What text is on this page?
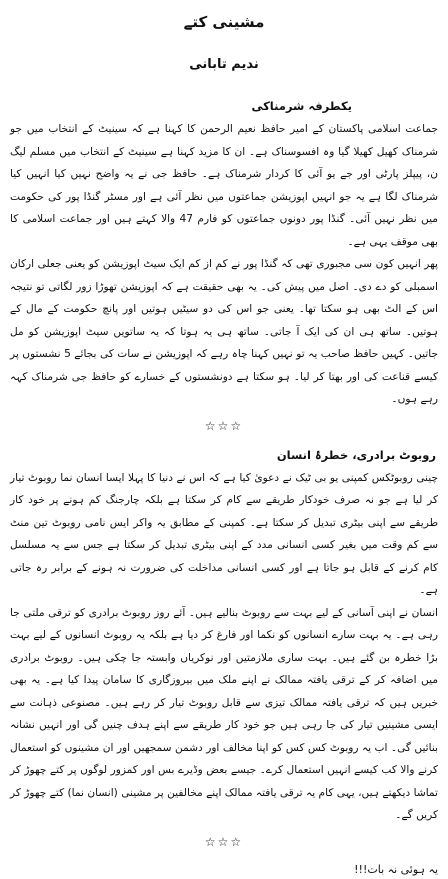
مشینی کتے
ندیم تابانی
یکطرفہ شرمناکی

جماعت اسلامی پاکستان کے امیر حافظ نعیم الرحمن کا کہنا ہے کہ سینیٹ کے انتخاب میں جو شرمناک کھیل کھیلا گیا وہ افسوسناک ہے۔ ان کا مزید کہنا ہے سینیٹ کے انتخاب میں مسلم لیگ ن، پیپلز پارٹی اور جے یو آئی کا کردار شرمناک ہے۔ حافظ جی نے یہ واضح نہیں کیا انہیں کیا شرمناک لگا ہے یہ جو انہیں اپوزیشن جماعتوں میں نظر آئی ہے اور مسٹر گنڈا پور کی حکومت میں نظر نہیں آئی۔ گنڈا پور دونوں جماعتوں کو فارم 47 والا کہتے ہیں اور جماعت اسلامی کا بھی موقف یہی ہے۔

پھر انہیں کون سی مجبوری تھی کہ گنڈا پور نے کم از کم ایک سیٹ اپوزیشن کو یعنی جعلی ارکان اسمبلی کو دے دی۔ اصل میں پیش کی۔ یہ بھی حقیقت ہے کہ اپوزیشن تھوڑا زور لگاتی تو نتیجہ اس کے الٹ بھی ہو سکتا تھا۔ یعنی جو اس کی دو سیٹیں ہوتیں اور پانچ حکومت کے مال کے ہوتیں۔ ساتھ ہی ان کی ایک آ جاتی۔ ساتھ ہی یہ ہوتا کہ یہ ساتویں سیٹ اپوزیشن کو مل جاتیں۔ کہیں حافظ صاحب یہ تو نہیں کہنا چاہ رہے کہ اپوزیشن نے سات کی بجائے 5 نشستوں پر کیسے قناعت کی اور بھتا کر لیا۔ ہو سکتا ہے دونشستوں کے خسارے کو حافظ جی شرمناک کہہ رہے ہوں۔

☆☆☆
روبوٹ برادری، خطرۂ انسان

چینی روبوٹکس کمپنی یو بی ٹیک نے دعویٰ کیا ہے کہ اس نے دنیا کا پہلا ایسا انسان نما روبوٹ تیار کر لیا ہے جو نہ صرف خودکار طریقے سے کام کر سکتا ہے بلکہ چارجنگ کم ہونے پر خود کار طریقے سے اپنی بیٹری تبدیل کر سکتا ہے۔ کمپنی کے مطابق یہ واکر ایس نامی روبوٹ تین منٹ سے کم وقت میں بغیر کسی انسانی مدد کے اپنی بیٹری تبدیل کر سکتا ہے جس سے یہ مسلسل کام کرنے کے قابل ہو جاتا ہے اور کسی انسانی مداخلت کی ضرورت نہ ہونے کے برابر رہ جاتی ہے۔

انسان نے اپنی آسانی کے لیے بہت سے روبوٹ بنالیے ہیں۔ آئے روز روبوٹ برادری کو ترقی ملتی جا رہی ہے۔ یہ بہت سارے انسانوں کو نکما اور فارغ کر دیا ہے بلکہ یہ روبوٹ انسانوں کے لیے بہت بڑا خطرہ بن گئے ہیں۔ بہت ساری ملازمتیں اور نوکریاں وابستہ جا چکی ہیں۔ روبوٹ برادری میں اضافہ کر کے ترقی یافتہ ممالک نے اپنے ملک میں بیروزگاری کا سامان پیدا کیا ہے۔ یہ بھی خبریں ہیں کہ ترقی یافتہ ممالک تیزی سے قابل روبوٹ تیار کر رہے ہیں۔ مصنوعی ذہانت سے ایسی مشینیں تیار کی جا رہی ہیں جو خود کار طریقے سے اپنے ہدف چنیں گی اور انہیں نشانہ بنائیں گی۔ اب یہ روبوٹ کس کس کو اپنا مخالف اور دشمن سمجھیں اور ان مشینوں کو استعمال کرنے والا کب کیسے انہیں استعمال کرے۔ جیسے بعض وڈیرے بس اور کمزور لوگوں پر کتے چھوڑ کر تماشا دیکھتے ہیں، یہی کام یہ ترقی یافتہ ممالک اپنے مخالفین پر مشینی (انسان نما) کتے چھوڑ کر کریں گے۔

☆☆☆
یہ ہوئی نہ بات!!!
